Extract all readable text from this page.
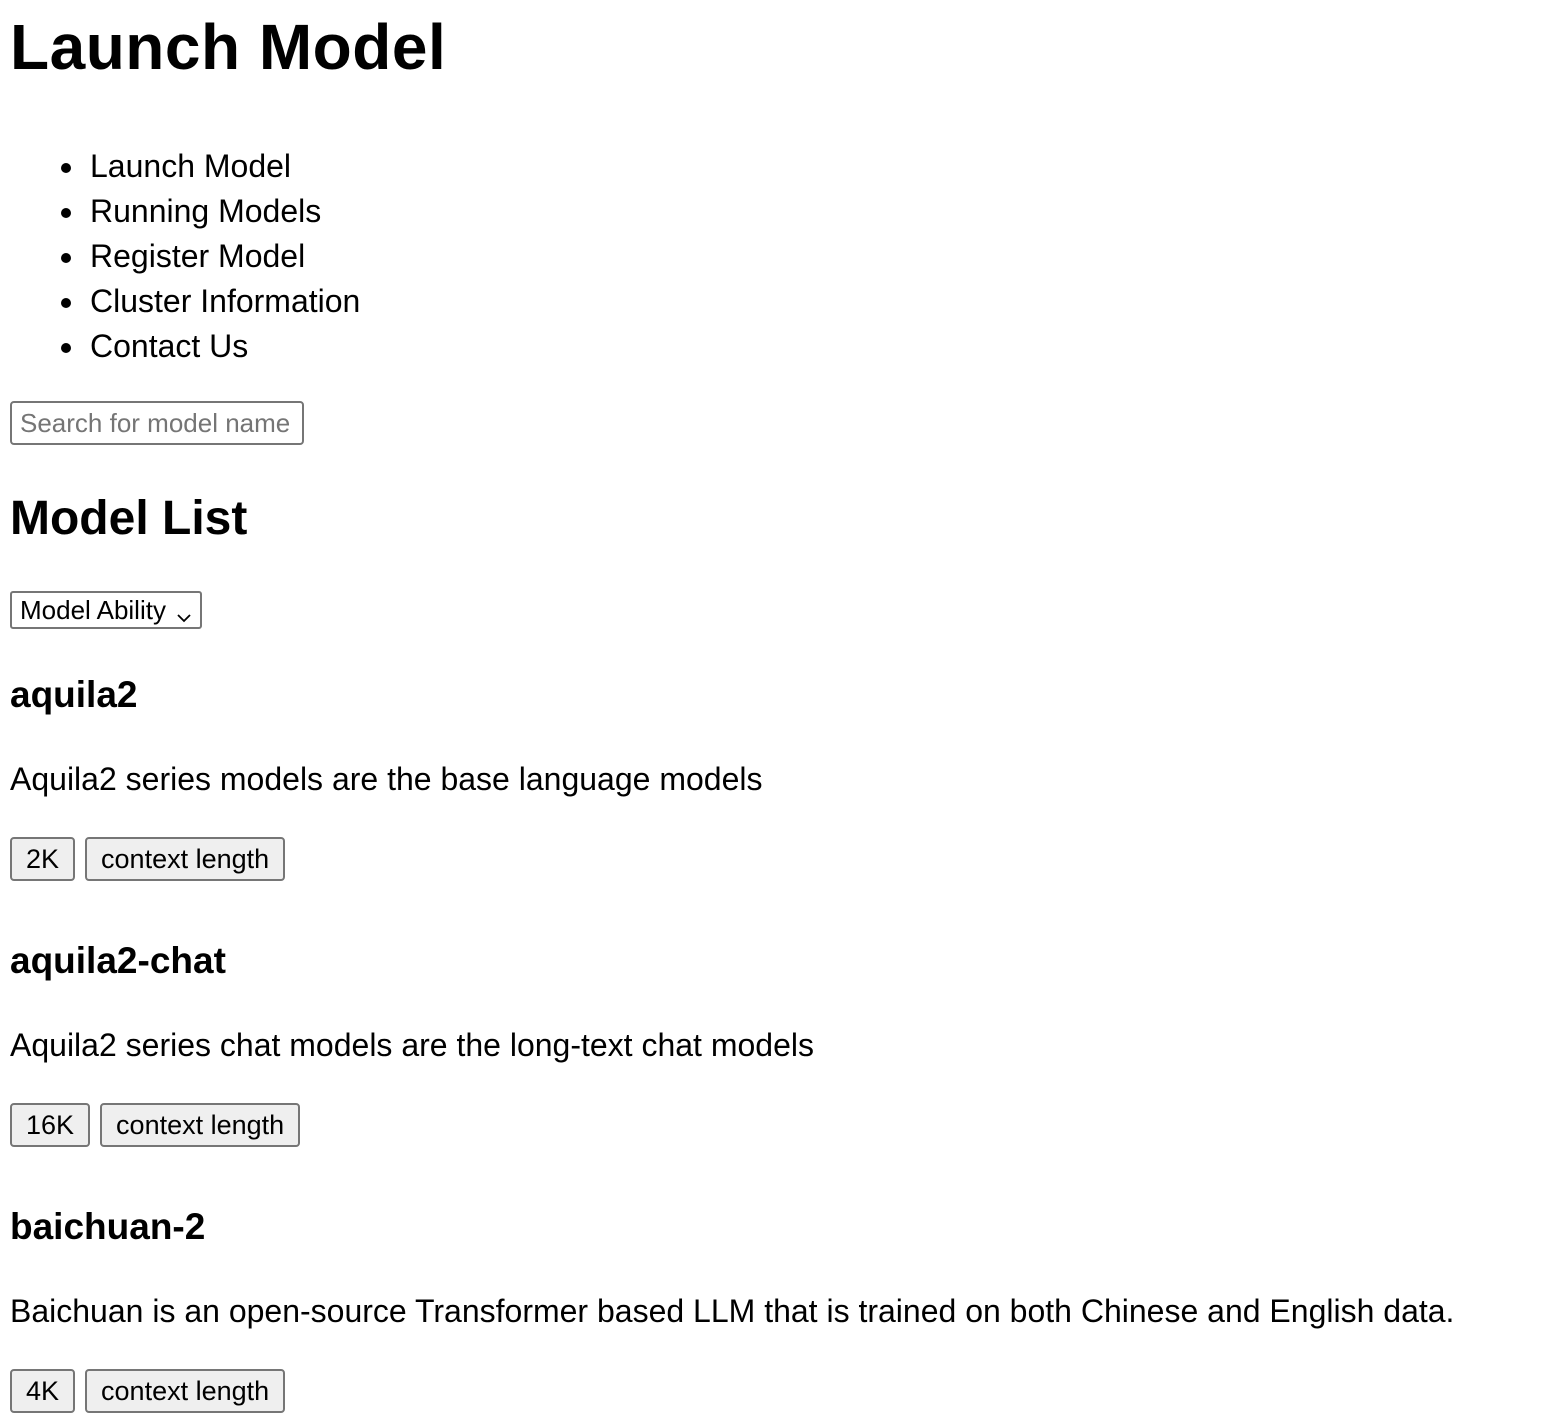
Launch Model
Launch Model
Running Models
Register Model
Cluster Information
Contact Us
Search for model name
Model List
Model Ability
aquila2

Aquila2 series models are the base language models

2K	context length
aquila2-chat

Aquila2 series chat models are the long-text chat models

16K	context length
baichuan-2

Baichuan is an open-source Transformer based LLM that is trained on both Chinese and English data.

4K	context length
